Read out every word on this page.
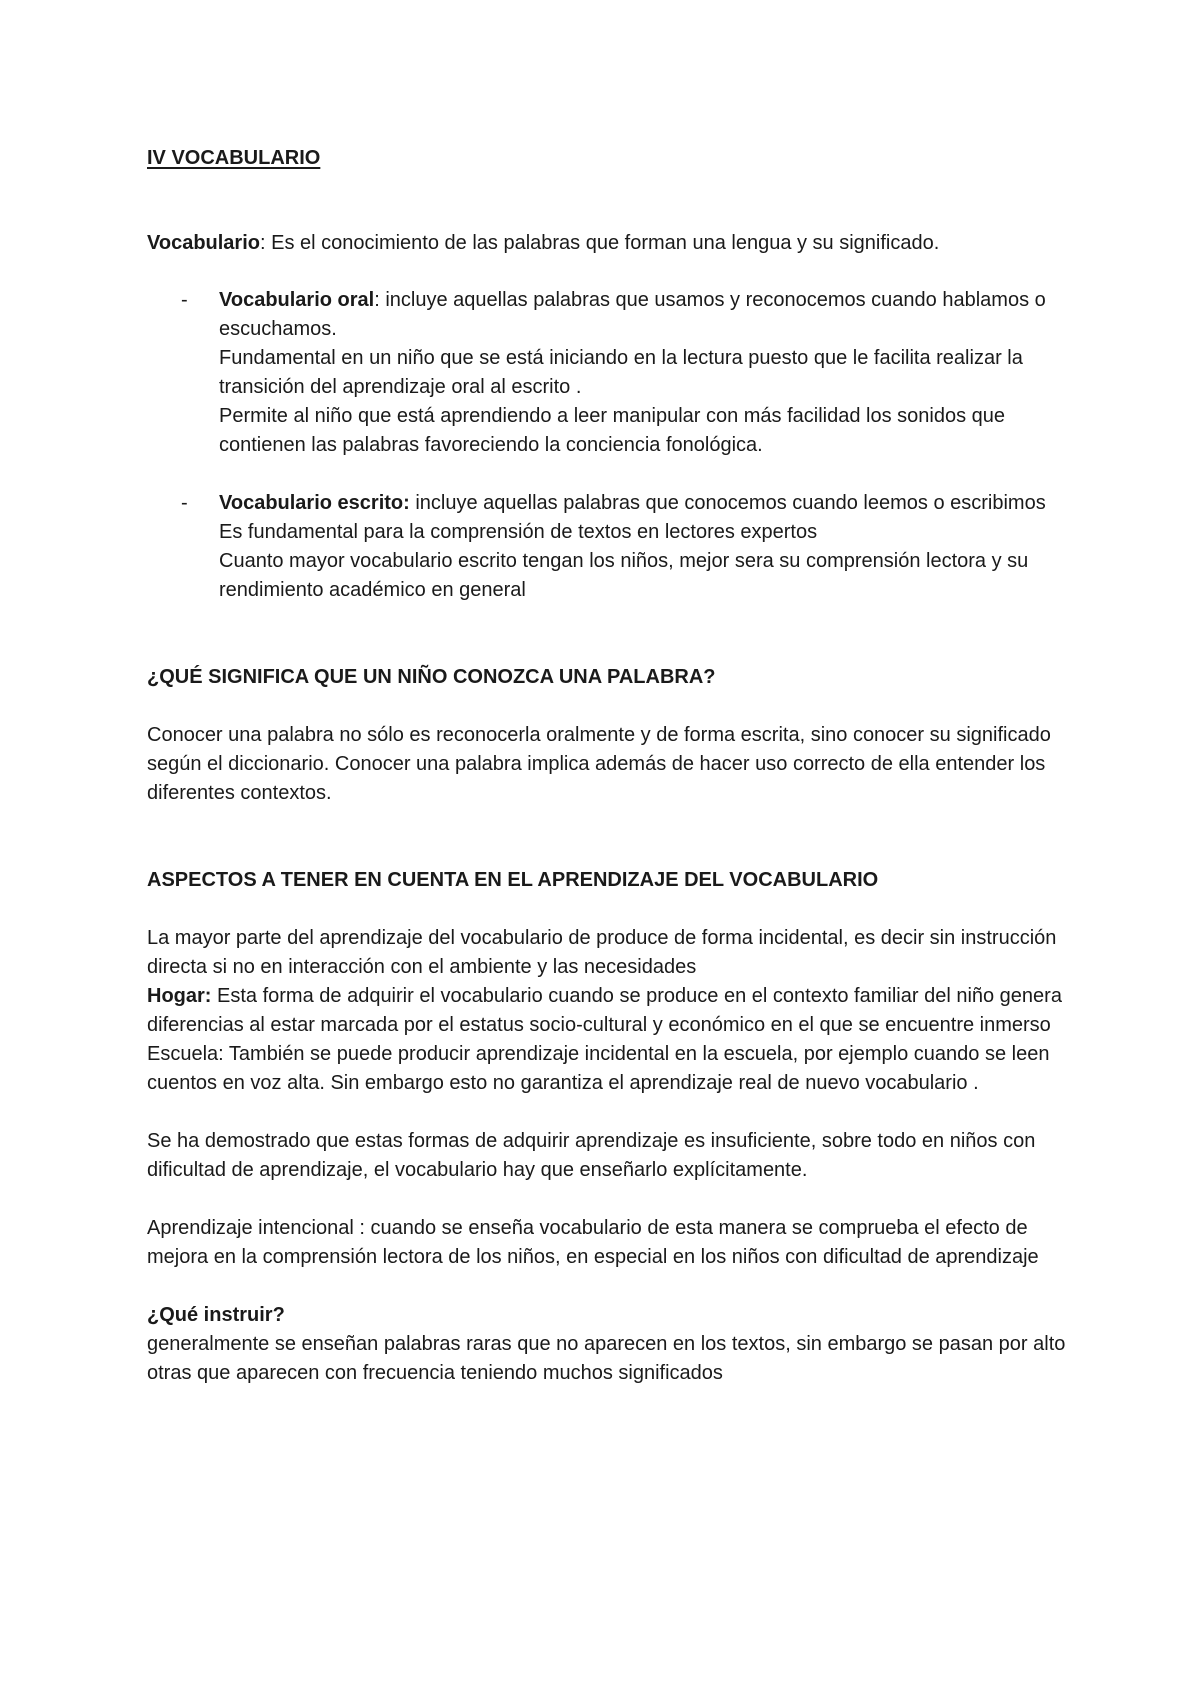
IV VOCABULARIO

Vocabulario: Es el conocimiento de las palabras que forman una lengua y su significado.

- Vocabulario oral: incluye aquellas palabras que usamos y reconocemos cuando hablamos o escuchamos.
Fundamental en un niño que se está iniciando en la lectura puesto que le facilita realizar la transición del aprendizaje oral al escrito .
Permite al niño que está aprendiendo a leer manipular con más facilidad los sonidos que contienen las palabras favoreciendo la conciencia fonológica.
- Vocabulario escrito: incluye aquellas palabras que conocemos cuando leemos o escribimos
Es fundamental para la comprensión de textos en lectores expertos
Cuanto mayor vocabulario escrito tengan los niños, mejor sera su comprensión lectora y su rendimiento académico en general

¿QUÉ SIGNIFICA QUE UN NIÑO CONOZCA UNA PALABRA?

Conocer una palabra no sólo es reconocerla oralmente y de forma escrita, sino conocer su significado según el diccionario. Conocer una palabra implica además de hacer uso correcto de ella entender los diferentes contextos.

ASPECTOS A TENER EN CUENTA EN EL APRENDIZAJE DEL VOCABULARIO

La mayor parte del aprendizaje del vocabulario de produce de forma incidental, es decir sin instrucción directa si no en interacción con el ambiente y las necesidades

Hogar: Esta forma de adquirir el vocabulario cuando se produce en el contexto familiar del niño genera diferencias al estar marcada por el estatus socio-cultural y económico en el que se encuentre inmerso

Escuela: También se puede producir aprendizaje incidental en la escuela, por ejemplo cuando se leen cuentos en voz alta. Sin embargo esto no garantiza el aprendizaje real de nuevo vocabulario .

Se ha demostrado que estas formas de adquirir aprendizaje es insuficiente, sobre todo en niños con dificultad de aprendizaje, el vocabulario hay que enseñarlo explícitamente.

Aprendizaje intencional : cuando se enseña vocabulario de esta manera se comprueba el efecto de mejora en la comprensión lectora de los niños, en especial en los niños con dificultad de aprendizaje

¿Qué instruir?

generalmente se enseñan palabras raras que no aparecen en los textos, sin embargo se pasan por alto otras que aparecen con frecuencia teniendo muchos significados
